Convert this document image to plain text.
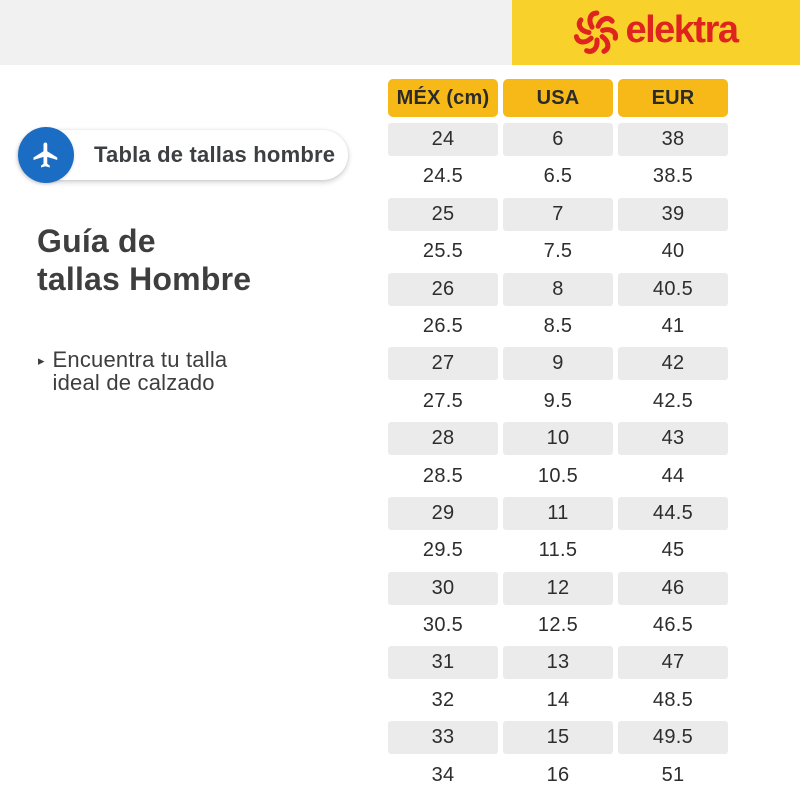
elektra
Tabla de tallas hombre
Guía de
tallas Hombre
▸ Encuentra tu talla
ideal de calzado
MÉX (cm)	USA	EUR
24	6	38
24.5	6.5	38.5
25	7	39
25.5	7.5	40
26	8	40.5
26.5	8.5	41
27	9	42
27.5	9.5	42.5
28	10	43
28.5	10.5	44
29	11	44.5
29.5	11.5	45
30	12	46
30.5	12.5	46.5
31	13	47
32	14	48.5
33	15	49.5
34	16	51
